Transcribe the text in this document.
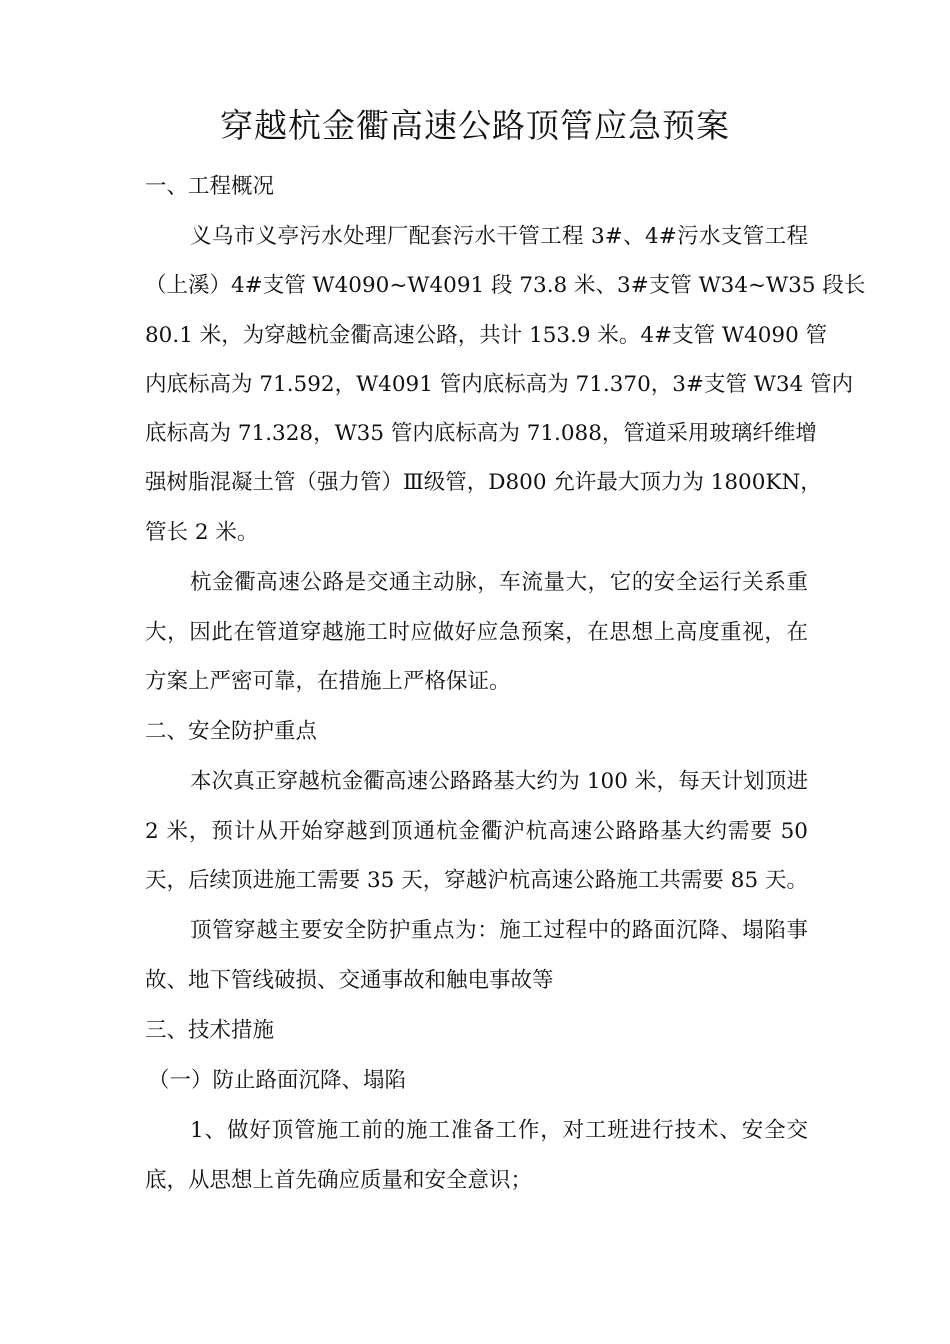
穿越杭金衢高速公路顶管应急预案
一、工程概况
义乌市义亭污水处理厂配套污水干管工程 3#、4#污水支管工程
（上溪）4#支管 W4090~W4091 段 73.8 米、3#支管 W34~W35 段长
80.1 米，为穿越杭金衢高速公路，共计 153.9 米。4#支管 W4090 管
内底标高为 71.592，W4091 管内底标高为 71.370，3#支管 W34 管内
底标高为 71.328，W35 管内底标高为 71.088，管道采用玻璃纤维增
强树脂混凝土管（强力管）Ⅲ级管，D800 允许最大顶力为 1800KN，
管长 2 米。
杭金衢高速公路是交通主动脉，车流量大，它的安全运行关系重
大，因此在管道穿越施工时应做好应急预案，在思想上高度重视，在
方案上严密可靠，在措施上严格保证。
二、安全防护重点
本次真正穿越杭金衢高速公路路基大约为 100 米，每天计划顶进
2 米，预计从开始穿越到顶通杭金衢沪杭高速公路路基大约需要 50
天，后续顶进施工需要 35 天，穿越沪杭高速公路施工共需要 85 天。
顶管穿越主要安全防护重点为：施工过程中的路面沉降、塌陷事
故、地下管线破损、交通事故和触电事故等
三、技术措施
（一）防止路面沉降、塌陷
1、做好顶管施工前的施工准备工作，对工班进行技术、安全交
底，从思想上首先确应质量和安全意识；
